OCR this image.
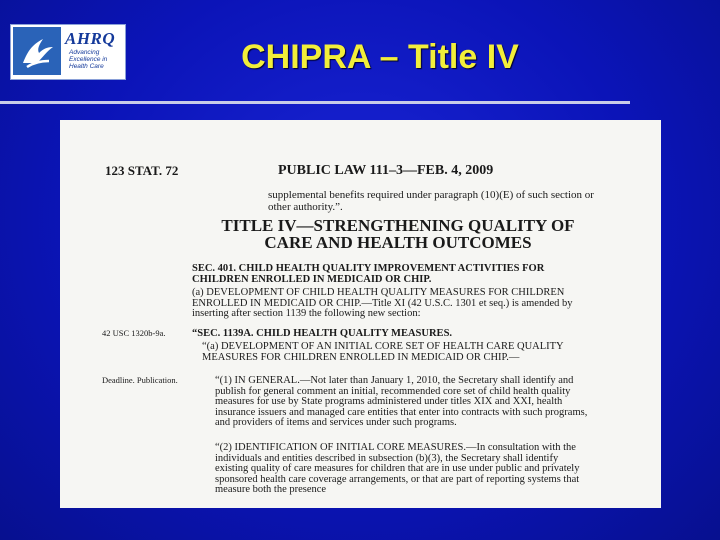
AHRQ
Advancing Excellence in Health Care	CHIPRA – Title IV
123 STAT. 72	PUBLIC LAW 111–3—FEB. 4, 2009
supplemental benefits required under paragraph (10)(E) of such section or other authority.”.
TITLE IV—STRENGTHENING QUALITY OF CARE AND HEALTH OUTCOMES
SEC. 401. CHILD HEALTH QUALITY IMPROVEMENT ACTIVITIES FOR CHILDREN ENROLLED IN MEDICAID OR CHIP.
(a) DEVELOPMENT OF CHILD HEALTH QUALITY MEASURES FOR CHILDREN ENROLLED IN MEDICAID OR CHIP.—Title XI (42 U.S.C. 1301 et seq.) is amended by inserting after section 1139 the following new section:
42 USC 1320b-9a.	“SEC. 1139A. CHILD HEALTH QUALITY MEASURES.
“(a) DEVELOPMENT OF AN INITIAL CORE SET OF HEALTH CARE QUALITY MEASURES FOR CHILDREN ENROLLED IN MEDICAID OR CHIP.—
Deadline. Publication.	“(1) IN GENERAL.—Not later than January 1, 2010, the Secretary shall identify and publish for general comment an initial, recommended core set of child health quality measures for use by State programs administered under titles XIX and XXI, health insurance issuers and managed care entities that enter into contracts with such programs, and providers of items and services under such programs.
“(2) IDENTIFICATION OF INITIAL CORE MEASURES.—In consultation with the individuals and entities described in subsection (b)(3), the Secretary shall identify existing quality of care measures for children that are in use under public and privately sponsored health care coverage arrangements, or that are part of reporting systems that measure both the presence
